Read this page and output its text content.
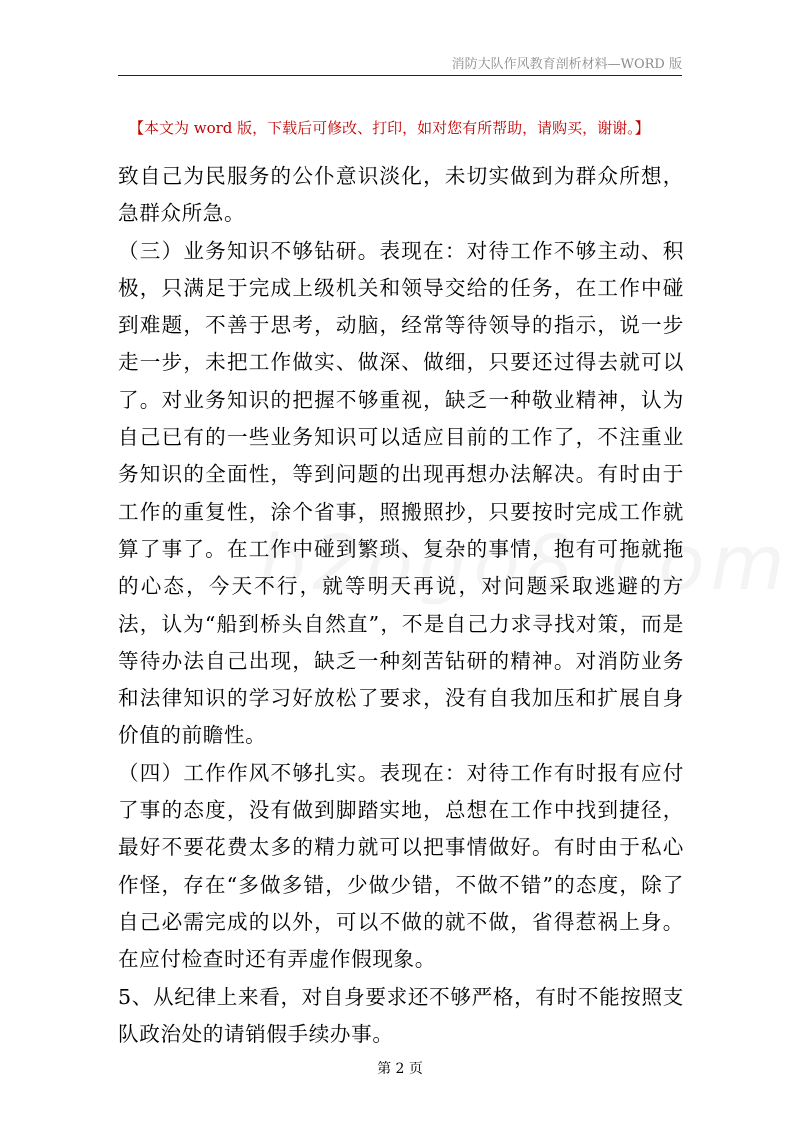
消防大队作风教育剖析材料—WORD 版
【本文为 word 版，下载后可修改、打印，如对您有所帮助，请购买，谢谢。】

致自己为民服务的公仆意识淡化，未切实做到为群众所想，急群众所急。

（三）业务知识不够钻研。表现在：对待工作不够主动、积极，只满足于完成上级机关和领导交给的任务，在工作中碰到难题，不善于思考，动脑，经常等待领导的指示，说一步走一步，未把工作做实、做深、做细，只要还过得去就可以了。对业务知识的把握不够重视，缺乏一种敬业精神，认为自己已有的一些业务知识可以适应目前的工作了，不注重业务知识的全面性，等到问题的出现再想办法解决。有时由于工作的重复性，涂个省事，照搬照抄，只要按时完成工作就算了事了。在工作中碰到繁琐、复杂的事情，抱有可拖就拖的心态，今天不行，就等明天再说，对问题采取逃避的方法，认为“船到桥头自然直”，不是自己力求寻找对策，而是等待办法自己出现，缺乏一种刻苦钻研的精神。对消防业务和法律知识的学习好放松了要求，没有自我加压和扩展自身价值的前瞻性。

（四）工作作风不够扎实。表现在：对待工作有时报有应付了事的态度，没有做到脚踏实地，总想在工作中找到捷径，最好不要花费太多的精力就可以把事情做好。有时由于私心作怪，存在“多做多错，少做少错，不做不错”的态度，除了自己必需完成的以外，可以不做的就不做，省得惹祸上身。在应付检查时还有弄虚作假现象。

5、从纪律上来看，对自身要求还不够严格，有时不能按照支队政治处的请销假手续办事。

第 2 页
